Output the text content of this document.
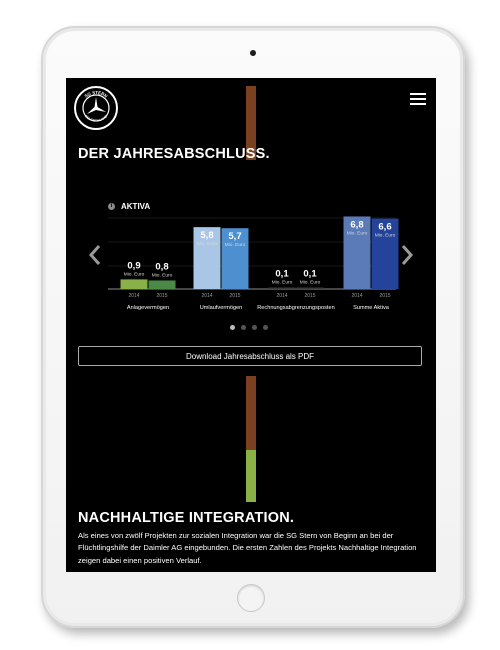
SG STERN
DEUTSCHLAND
DER JAHRESABSCHLUSS.
i	AKTIVA
0,9
Mio. Euro
2014
0,8
Mio. Euro
2015
Anlagevermögen
5,8
Mio. Euro
2014
5,7
Mio. Euro
2015
Umlaufvermögen
0,1
Mio. Euro
2014
0,1
Mio. Euro
2015
Rechnungsabgrenzungsposten
6,8
Mio. Euro
2014
6,6
Mio. Euro
2015
Summe Aktiva
Download Jahresabschluss als PDF
NACHHALTIGE INTEGRATION.

Als eines von zwölf Projekten zur sozialen Integration war die SG Stern von Beginn an bei der Flüchtlingshilfe der Daimler AG eingebunden. Die ersten Zahlen des Projekts Nachhaltige Integration zeigen dabei einen positiven Verlauf.
